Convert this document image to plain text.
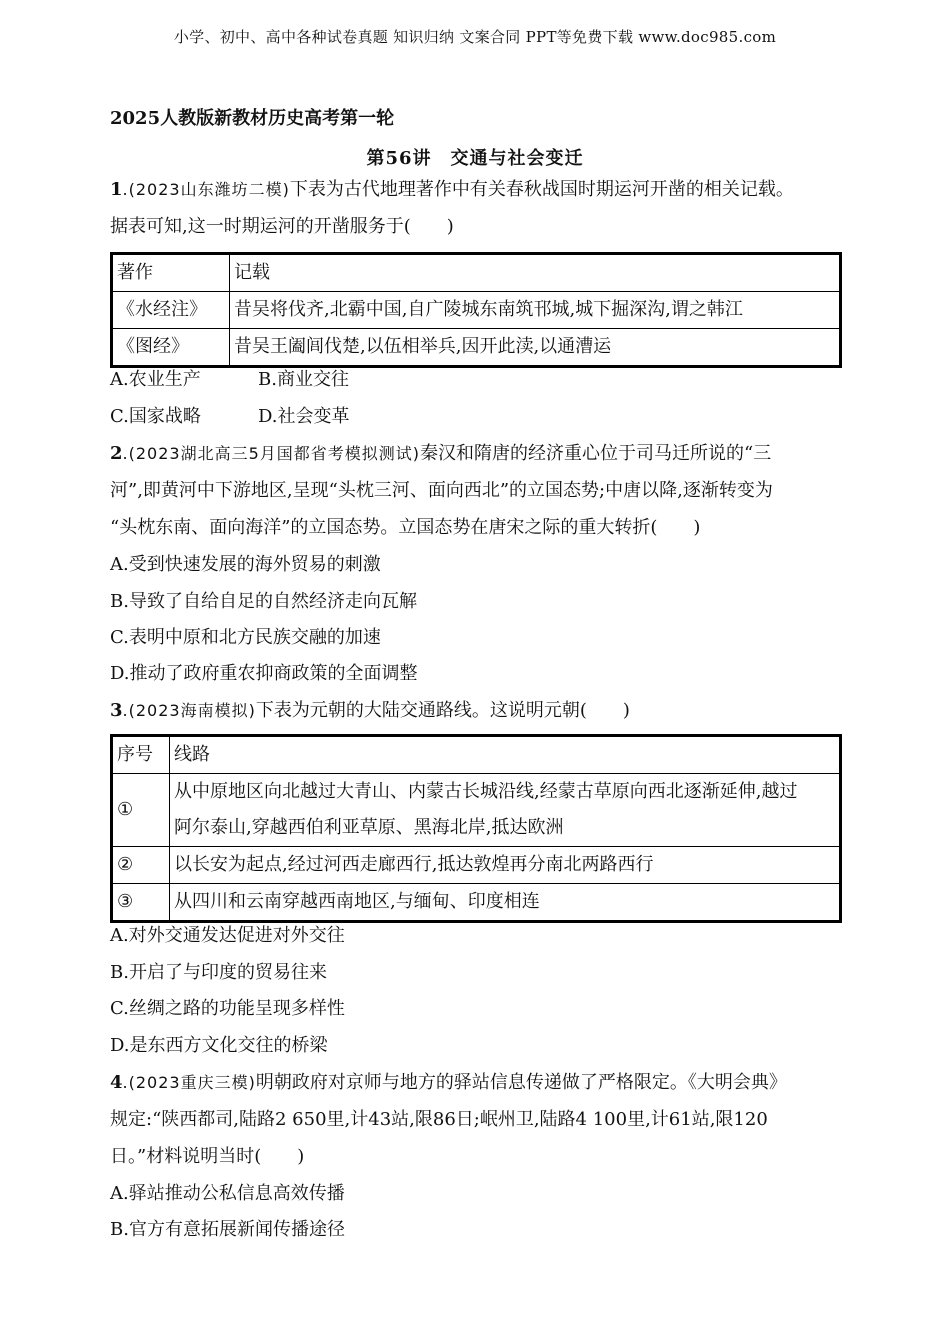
小学、初中、高中各种试卷真题 知识归纳 文案合同 PPT等免费下载 www.doc985.com
2025人教版新教材历史高考第一轮
第56讲　交通与社会变迁
1.(2023山东潍坊二模)下表为古代地理著作中有关春秋战国时期运河开凿的相关记载。
据表可知,这一时期运河的开凿服务于(　　)
著作	记载
《水经注》	昔吴将伐齐,北霸中国,自广陵城东南筑邗城,城下掘深沟,谓之韩江
《图经》	昔吴王阖闾伐楚,以伍相举兵,因开此渎,以通漕运
A.农业生产	B.商业交往
C.国家战略	D.社会变革
2.(2023湖北高三5月国都省考模拟测试)秦汉和隋唐的经济重心位于司马迁所说的“三
河”,即黄河中下游地区,呈现“头枕三河、面向西北”的立国态势;中唐以降,逐渐转变为
“头枕东南、面向海洋”的立国态势。立国态势在唐宋之际的重大转折(　　)
A.受到快速发展的海外贸易的刺激
B.导致了自给自足的自然经济走向瓦解
C.表明中原和北方民族交融的加速
D.推动了政府重农抑商政策的全面调整
3.(2023海南模拟)下表为元朝的大陆交通路线。这说明元朝(　　)
序号	线路
①	从中原地区向北越过大青山、内蒙古长城沿线,经蒙古草原向西北逐渐延伸,越过
阿尔泰山,穿越西伯利亚草原、黑海北岸,抵达欧洲

②	以长安为起点,经过河西走廊西行,抵达敦煌再分南北两路西行
③	从四川和云南穿越西南地区,与缅甸、印度相连
A.对外交通发达促进对外交往
B.开启了与印度的贸易往来
C.丝绸之路的功能呈现多样性
D.是东西方文化交往的桥梁
4.(2023重庆三模)明朝政府对京师与地方的驿站信息传递做了严格限定。《大明会典》
规定:“陕西都司,陆路2 650里,计43站,限86日;岷州卫,陆路4 100里,计61站,限120
日。”材料说明当时(　　)
A.驿站推动公私信息高效传播
B.官方有意拓展新闻传播途径
